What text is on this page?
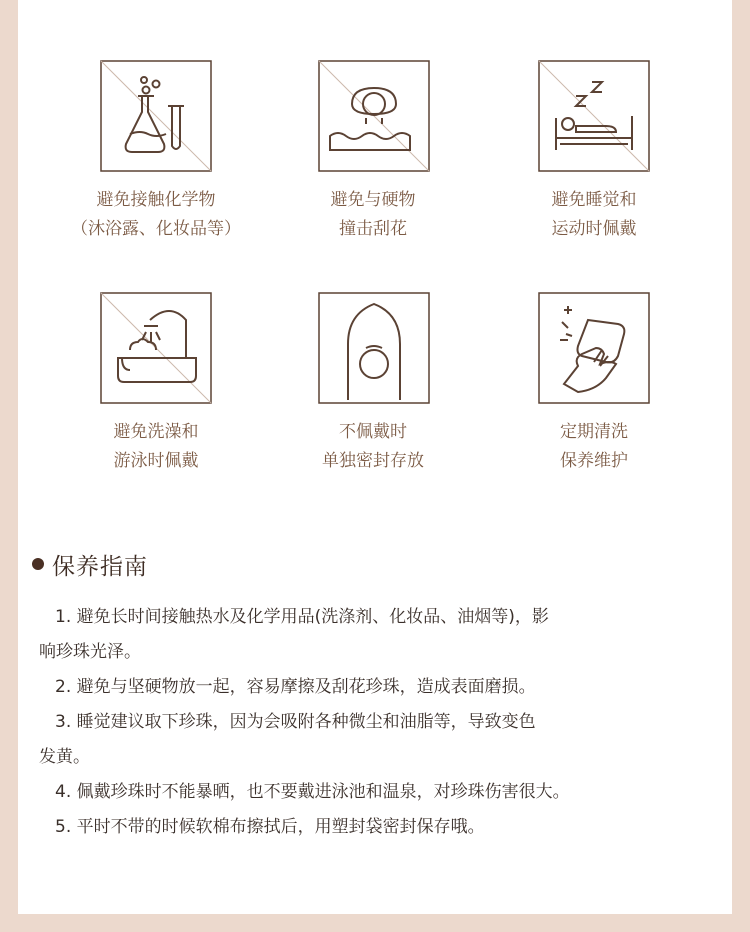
避免接触化学物
（沐浴露、化妆品等）
避免与硬物
撞击刮花
避免睡觉和
运动时佩戴
避免洗澡和
游泳时佩戴
不佩戴时
单独密封存放
定期清洗
保养维护
保养指南
1. 避免长时间接触热水及化学用品(洗涤剂、化妆品、油烟等)，影
响珍珠光泽。
2. 避免与坚硬物放一起，容易摩擦及刮花珍珠，造成表面磨损。
3. 睡觉建议取下珍珠，因为会吸附各种微尘和油脂等，导致变色
发黄。
4. 佩戴珍珠时不能暴晒，也不要戴进泳池和温泉，对珍珠伤害很大。
5. 平时不带的时候软棉布擦拭后，用塑封袋密封保存哦。
